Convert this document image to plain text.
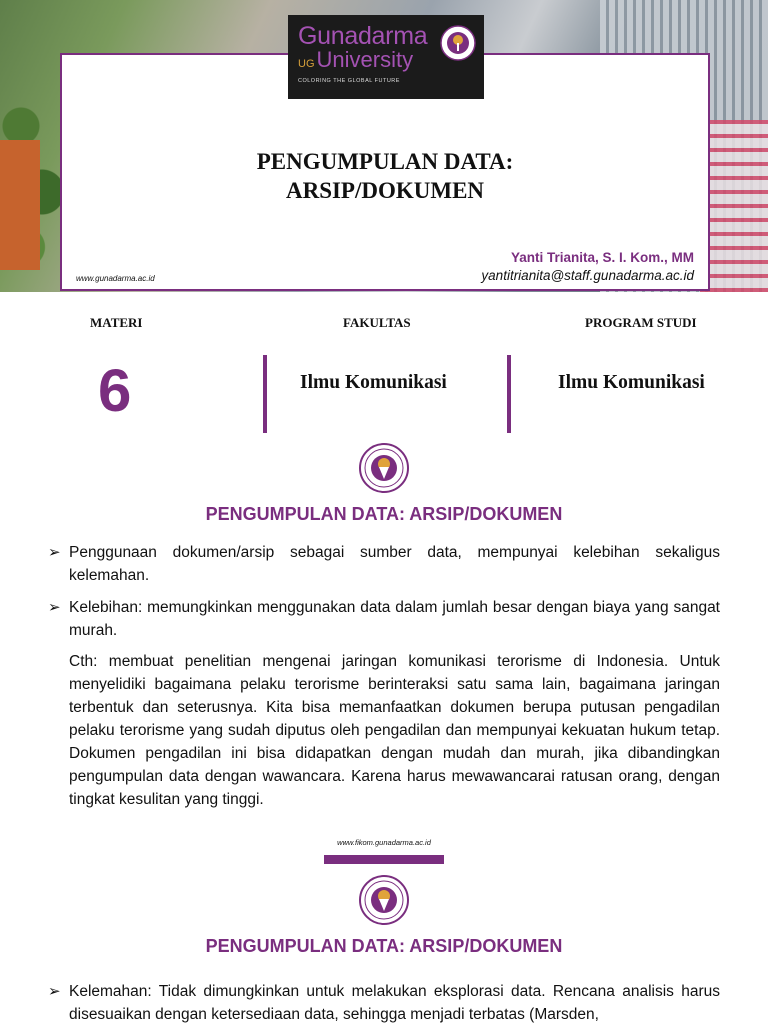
Gunadarma
UGUniversity
COLORING THE GLOBAL FUTURE
PENGUMPULAN DATA:
ARSIP/DOKUMEN
Yanti Trianita, S. I. Kom., MM
yantitrianita@staff.gunadarma.ac.id
www.gunadarma.ac.id
MATERI	FAKULTAS	PROGRAM STUDI
6	Ilmu Komunikasi	Ilmu Komunikasi
PENGUMPULAN DATA: ARSIP/DOKUMEN
➢ Penggunaan dokumen/arsip sebagai sumber data, mempunyai kelebihan sekaligus kelemahan.
➢ Kelebihan: memungkinkan menggunakan data dalam jumlah besar dengan biaya yang sangat murah.
Cth: membuat penelitian mengenai jaringan komunikasi terorisme di Indonesia. Untuk menyelidiki bagaimana pelaku terorisme berinteraksi satu sama lain, bagaimana jaringan terbentuk dan seterusnya. Kita bisa memanfaatkan dokumen berupa putusan pengadilan pelaku terorisme yang sudah diputus oleh pengadilan dan mempunyai kekuatan hukum tetap. Dokumen pengadilan ini bisa didapatkan dengan mudah dan murah, jika dibandingkan pengumpulan data dengan wawancara. Karena harus mewawancarai ratusan orang, dengan tingkat kesulitan yang tinggi.
www.fikom.gunadarma.ac.id
PENGUMPULAN DATA: ARSIP/DOKUMEN
➢ Kelemahan: Tidak dimungkinkan untuk melakukan eksplorasi data. Rencana analisis harus disesuaikan dengan ketersediaan data, sehingga menjadi terbatas (Marsden,
